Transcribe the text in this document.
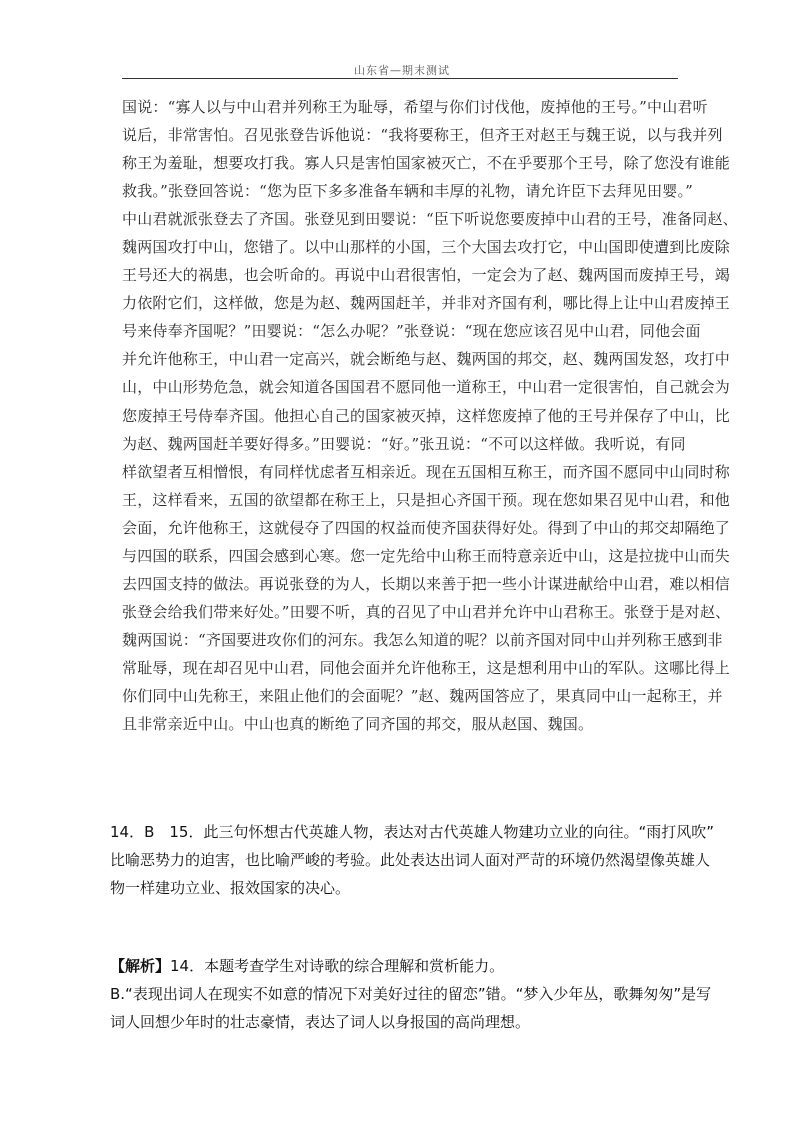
山东省—期末测试
国说：“寡人以与中山君并列称王为耻辱，希望与你们讨伐他，废掉他的王号。”中山君听
说后，非常害怕。召见张登告诉他说：“我将要称王，但齐王对赵王与魏王说，以与我并列
称王为羞耻，想要攻打我。寡人只是害怕国家被灭亡，不在乎要那个王号，除了您没有谁能
救我。”张登回答说：“您为臣下多多准备车辆和丰厚的礼物，请允许臣下去拜见田婴。”
中山君就派张登去了齐国。张登见到田婴说：“臣下听说您要废掉中山君的王号，准备同赵、
魏两国攻打中山，您错了。以中山那样的小国，三个大国去攻打它，中山国即使遭到比废除
王号还大的祸患，也会听命的。再说中山君很害怕，一定会为了赵、魏两国而废掉王号，竭
力依附它们，这样做，您是为赵、魏两国赶羊，并非对齐国有利，哪比得上让中山君废掉王
号来侍奉齐国呢？”田婴说：“怎么办呢？”张登说：“现在您应该召见中山君，同他会面
并允许他称王，中山君一定高兴，就会断绝与赵、魏两国的邦交，赵、魏两国发怒，攻打中
山，中山形势危急，就会知道各国国君不愿同他一道称王，中山君一定很害怕，自己就会为
您废掉王号侍奉齐国。他担心自己的国家被灭掉，这样您废掉了他的王号并保存了中山，比
为赵、魏两国赶羊要好得多。”田婴说：“好。”张丑说：“不可以这样做。我听说，有同
样欲望者互相憎恨，有同样忧虑者互相亲近。现在五国相互称王，而齐国不愿同中山同时称
王，这样看来，五国的欲望都在称王上，只是担心齐国干预。现在您如果召见中山君，和他
会面，允许他称王，这就侵夺了四国的权益而使齐国获得好处。得到了中山的邦交却隔绝了
与四国的联系，四国会感到心寒。您一定先给中山称王而特意亲近中山，这是拉拢中山而失
去四国支持的做法。再说张登的为人，长期以来善于把一些小计谋进献给中山君，难以相信
张登会给我们带来好处。”田婴不听，真的召见了中山君并允许中山君称王。张登于是对赵、
魏两国说：“齐国要进攻你们的河东。我怎么知道的呢？以前齐国对同中山并列称王感到非
常耻辱，现在却召见中山君，同他会面并允许他称王，这是想利用中山的军队。这哪比得上
你们同中山先称王，来阻止他们的会面呢？”赵、魏两国答应了，果真同中山一起称王，并
且非常亲近中山。中山也真的断绝了同齐国的邦交，服从赵国、魏国。
14．B　15．此三句怀想古代英雄人物，表达对古代英雄人物建功立业的向往。“雨打风吹”
比喻恶势力的迫害，也比喻严峻的考验。此处表达出词人面对严苛的环境仍然渴望像英雄人
物一样建功立业、报效国家的决心。
【解析】14．本题考查学生对诗歌的综合理解和赏析能力。
B.“表现出词人在现实不如意的情况下对美好过往的留恋”错。“梦入少年丛，歌舞匆匆”是写
词人回想少年时的壮志豪情，表达了词人以身报国的高尚理想。
